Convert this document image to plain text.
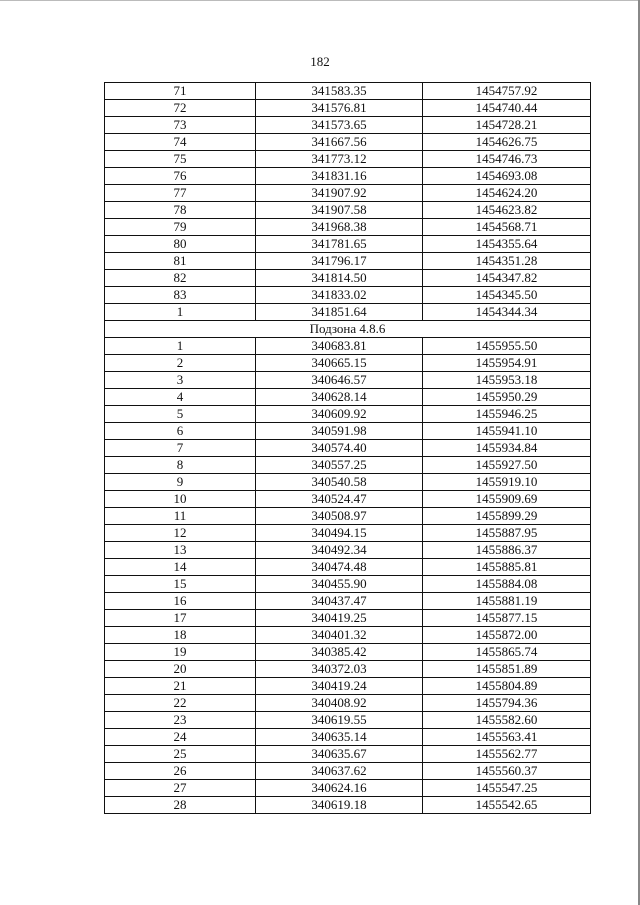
182
71	341583.35	1454757.92
72	341576.81	1454740.44
73	341573.65	1454728.21
74	341667.56	1454626.75
75	341773.12	1454746.73
76	341831.16	1454693.08
77	341907.92	1454624.20
78	341907.58	1454623.82
79	341968.38	1454568.71
80	341781.65	1454355.64
81	341796.17	1454351.28
82	341814.50	1454347.82
83	341833.02	1454345.50
1	341851.64	1454344.34
Подзона 4.8.6		
1	340683.81	1455955.50
2	340665.15	1455954.91
3	340646.57	1455953.18
4	340628.14	1455950.29
5	340609.92	1455946.25
6	340591.98	1455941.10
7	340574.40	1455934.84
8	340557.25	1455927.50
9	340540.58	1455919.10
10	340524.47	1455909.69
11	340508.97	1455899.29
12	340494.15	1455887.95
13	340492.34	1455886.37
14	340474.48	1455885.81
15	340455.90	1455884.08
16	340437.47	1455881.19
17	340419.25	1455877.15
18	340401.32	1455872.00
19	340385.42	1455865.74
20	340372.03	1455851.89
21	340419.24	1455804.89
22	340408.92	1455794.36
23	340619.55	1455582.60
24	340635.14	1455563.41
25	340635.67	1455562.77
26	340637.62	1455560.37
27	340624.16	1455547.25
28	340619.18	1455542.65
